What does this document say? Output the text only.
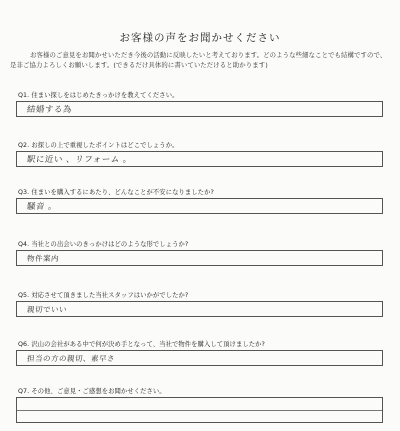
お客様の声をお聞かせください
お客様のご意見をお聞かせいただき今後の活動に反映したいと考えております。どのような些細なことでも結構ですので、是非ご協力よろしくお願いします。(できるだけ具体的に書いていただけると助かります)
Q1. 住まい探しをはじめたきっかけを教えてください。
結婚する為
Q2. お探しの上で重視したポイントはどこでしょうか。
駅に近い 、リフォーム 。
Q3. 住まいを購入するにあたり、どんなことが不安になりましたか?
騒音 。
Q4. 当社との出会いのきっかけはどのような形でしょうか?
物件案内
Q5. 対応させて頂きました当社スタッフはいかがでしたか?
親切でいい
Q6. 沢山の会社がある中で何が決め手となって、当社で物件を購入して頂けましたか?
担当の方の親切、素早さ
Q7. その他、ご意見・ご感想をお聞かせください。
